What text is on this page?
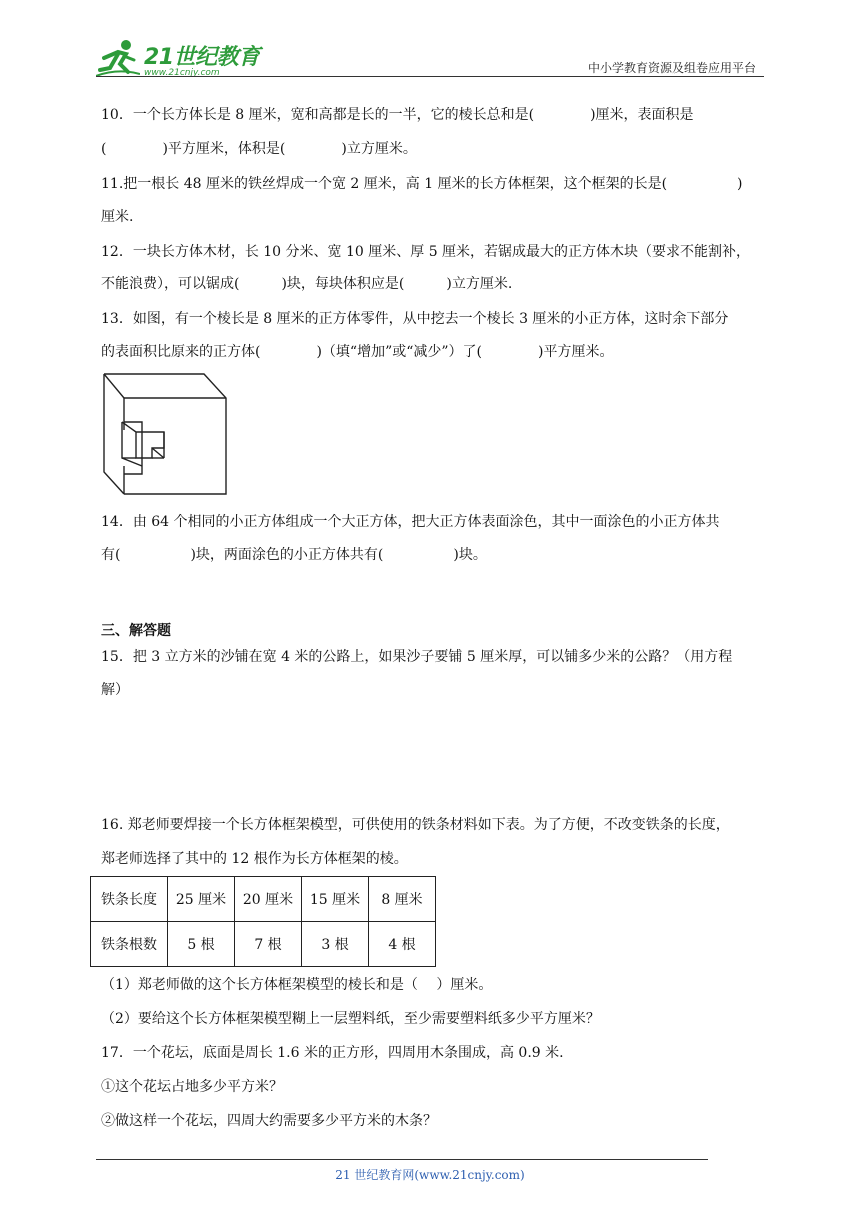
21世纪教育
www.21cnjy.com	中小学教育资源及组卷应用平台
10．一个长方体长是 8 厘米，宽和高都是长的一半，它的棱长总和是(　　　　)厘米，表面积是
(　　　　)平方厘米，体积是(　　　　)立方厘米。
11.把一根长 48 厘米的铁丝焊成一个宽 2 厘米，高 1 厘米的长方体框架，这个框架的长是(　　　　　)
厘米.
12．一块长方体木材，长 10 分米、宽 10 厘米、厚 5 厘米，若锯成最大的正方体木块（要求不能割补，
不能浪费），可以锯成(　　　)块，每块体积应是(　　　)立方厘米.
13．如图，有一个棱长是 8 厘米的正方体零件，从中挖去一个棱长 3 厘米的小正方体，这时余下部分
的表面积比原来的正方体(　　　　)（填“增加”或“减少”）了(　　　　)平方厘米。
14．由 64 个相同的小正方体组成一个大正方体，把大正方体表面涂色，其中一面涂色的小正方体共
有(　　　　　)块，两面涂色的小正方体共有(　　　　　)块。
三、解答题
15．把 3 立方米的沙铺在宽 4 米的公路上，如果沙子要铺 5 厘米厚，可以铺多少米的公路？（用方程
解）
16. 郑老师要焊接一个长方体框架模型，可供使用的铁条材料如下表。为了方便，不改变铁条的长度，
郑老师选择了其中的 12 根作为长方体框架的棱。
铁条长度	25 厘米	20 厘米	15 厘米	8 厘米
铁条根数	5 根	7 根	3 根	4 根
（1）郑老师做的这个长方体框架模型的棱长和是（　 ）厘米。
（2）要给这个长方体框架模型糊上一层塑料纸，至少需要塑料纸多少平方厘米？
17．一个花坛，底面是周长 1.6 米的正方形，四周用木条围成，高 0.9 米.
①这个花坛占地多少平方米？
②做这样一个花坛，四周大约需要多少平方米的木条？
21 世纪教育网(www.21cnjy.com)
